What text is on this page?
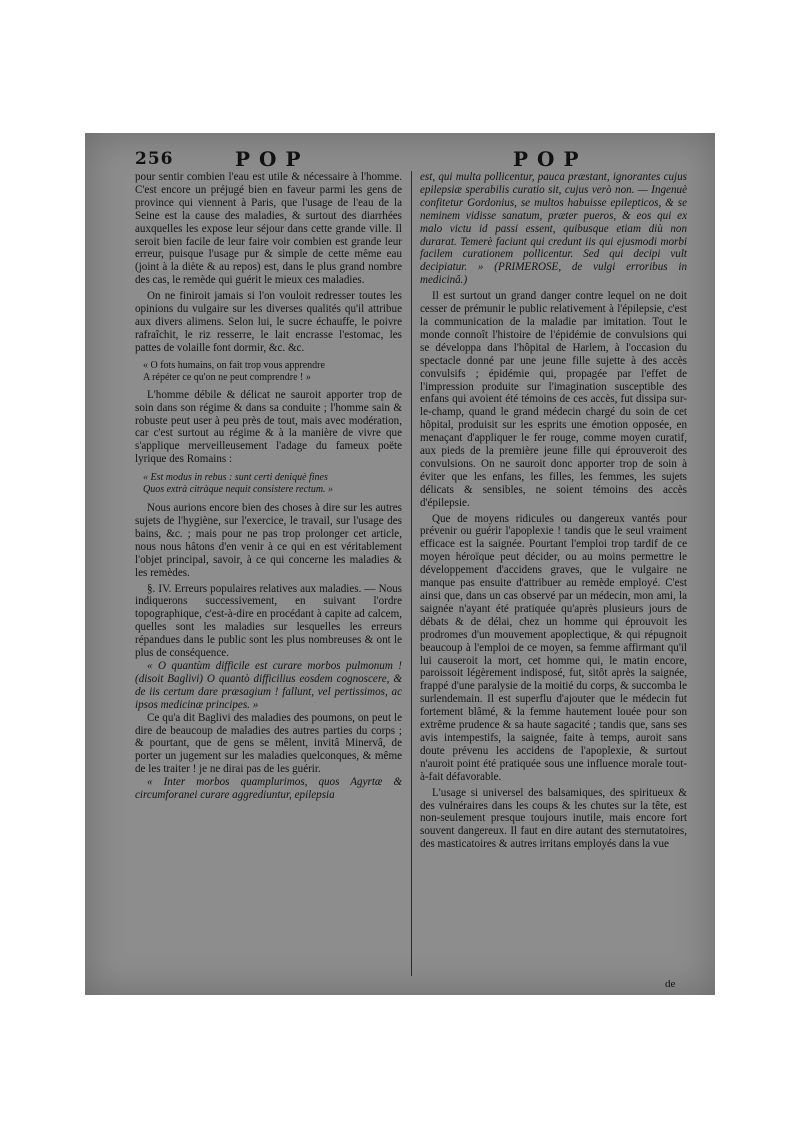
256	POP	POP

pour sentir combien l'eau est utile & nécessaire à l'homme. C'est encore un préjugé bien en faveur parmi les gens de province qui viennent à Paris, que l'usage de l'eau de la Seine est la cause des maladies, & surtout des diarrhées auxquelles les expose leur séjour dans cette grande ville. Il seroit bien facile de leur faire voir combien est grande leur erreur, puisque l'usage pur & simple de cette même eau (joint à la diète & au repos) est, dans le plus grand nombre des cas, le remède qui guérit le mieux ces maladies.

On ne finiroit jamais si l'on vouloit redresser toutes les opinions du vulgaire sur les diverses qualités qu'il attribue aux divers alimens. Selon lui, le sucre échauffe, le poivre rafraîchit, le riz resserre, le lait encrasse l'estomac, les pattes de volaille font dormir, &c. &c.

« O fots humains, on fait trop vous apprendre
A répéter ce qu'on ne peut comprendre ! »

L'homme débile & délicat ne sauroit apporter trop de soin dans son régime & dans sa conduite ; l'homme sain & robuste peut user à peu près de tout, mais avec modération, car c'est surtout au régime & à la manière de vivre que s'applique merveilleusement l'adage du fameux poëte lyrique des Romains :

« Est modus in rebus : sunt certi deniquè fines
Quos extrà citràque nequit consistere rectum. »

Nous aurions encore bien des choses à dire sur les autres sujets de l'hygiène, sur l'exercice, le travail, sur l'usage des bains, &c. ; mais pour ne pas trop prolonger cet article, nous nous hâtons d'en venir à ce qui en est véritablement l'objet principal, savoir, à ce qui concerne les maladies & les remèdes.

§. IV. Erreurs populaires relatives aux maladies. — Nous indiquerons successivement, en suivant l'ordre topographique, c'est-à-dire en procédant à capite ad calcem, quelles sont les maladies sur lesquelles les erreurs répandues dans le public sont les plus nombreuses & ont le plus de conséquence.

« O quantùm difficile est curare morbos pulmonum ! (disoit Baglivi) O quantò difficilius eosdem cognoscere, & de iis certum dare præsagium ! fallunt, vel pertissimos, ac ipsos medicinæ principes. »

Ce qu'a dit Baglivi des maladies des poumons, on peut le dire de beaucoup de maladies des autres parties du corps ; & pourtant, que de gens se mêlent, invitâ Minervâ, de porter un jugement sur les maladies quelconques, & même de les traiter ! je ne dirai pas de les guérir.

« Inter morbos quamplurimos, quos Agyrtæ & circumforanei curare aggrediuntur, epilepsia

est, qui multa pollicentur, pauca præstant, ignorantes cujus epilepsiæ sperabilis curatio sit, cujus verò non. — Ingenuè confitetur Gordonius, se multos habuisse epilepticos, & se neminem vidisse sanatum, præter pueros, & eos qui ex malo victu id passi essent, quibusque etiam diù non durarat. Temerè faciunt qui credunt iis qui ejusmodi morbi facilem curationem pollicentur. Sed qui decipi vult decipiatur. » (PRIMEROSE, de vulgi erroribus in medicinâ.)

Il est surtout un grand danger contre lequel on ne doit cesser de prémunir le public relativement à l'épilepsie, c'est la communication de la maladie par imitation. Tout le monde connoît l'histoire de l'épidémie de convulsions qui se développa dans l'hôpital de Harlem, à l'occasion du spectacle donné par une jeune fille sujette à des accès convulsifs ; épidémie qui, propagée par l'effet de l'impression produite sur l'imagination susceptible des enfans qui avoient été témoins de ces accès, fut dissipa sur-le-champ, quand le grand médecin chargé du soin de cet hôpital, produisit sur les esprits une émotion opposée, en menaçant d'appliquer le fer rouge, comme moyen curatif, aux pieds de la première jeune fille qui éprouveroit des convulsions. On ne sauroit donc apporter trop de soin à éviter que les enfans, les filles, les femmes, les sujets délicats & sensibles, ne soient témoins des accès d'épilepsie.

Que de moyens ridicules ou dangereux vantés pour prévenir ou guérir l'apoplexie ! tandis que le seul vraiment efficace est la saignée. Pourtant l'emploi trop tardif de ce moyen héroïque peut décider, ou au moins permettre le développement d'accidens graves, que le vulgaire ne manque pas ensuite d'attribuer au remède employé. C'est ainsi que, dans un cas observé par un médecin, mon ami, la saignée n'ayant été pratiquée qu'après plusieurs jours de débats & de délai, chez un homme qui éprouvoit les prodromes d'un mouvement apoplectique, & qui répugnoit beaucoup à l'emploi de ce moyen, sa femme affirmant qu'il lui causeroit la mort, cet homme qui, le matin encore, paroissoit légèrement indisposé, fut, sitôt après la saignée, frappé d'une paralysie de la moitié du corps, & succomba le surlendemain. Il est superflu d'ajouter que le médecin fut fortement blâmé, & la femme hautement louée pour son extrême prudence & sa haute sagacité ; tandis que, sans ses avis intempestifs, la saignée, faite à temps, auroit sans doute prévenu les accidens de l'apoplexie, & surtout n'auroit point été pratiquée sous une influence morale tout-à-fait défavorable.

L'usage si universel des balsamiques, des spiritueux & des vulnéraires dans les coups & les chutes sur la tête, est non-seulement presque toujours inutile, mais encore fort souvent dangereux. Il faut en dire autant des sternutatoires, des masticatoires & autres irritans employés dans la vue

de
